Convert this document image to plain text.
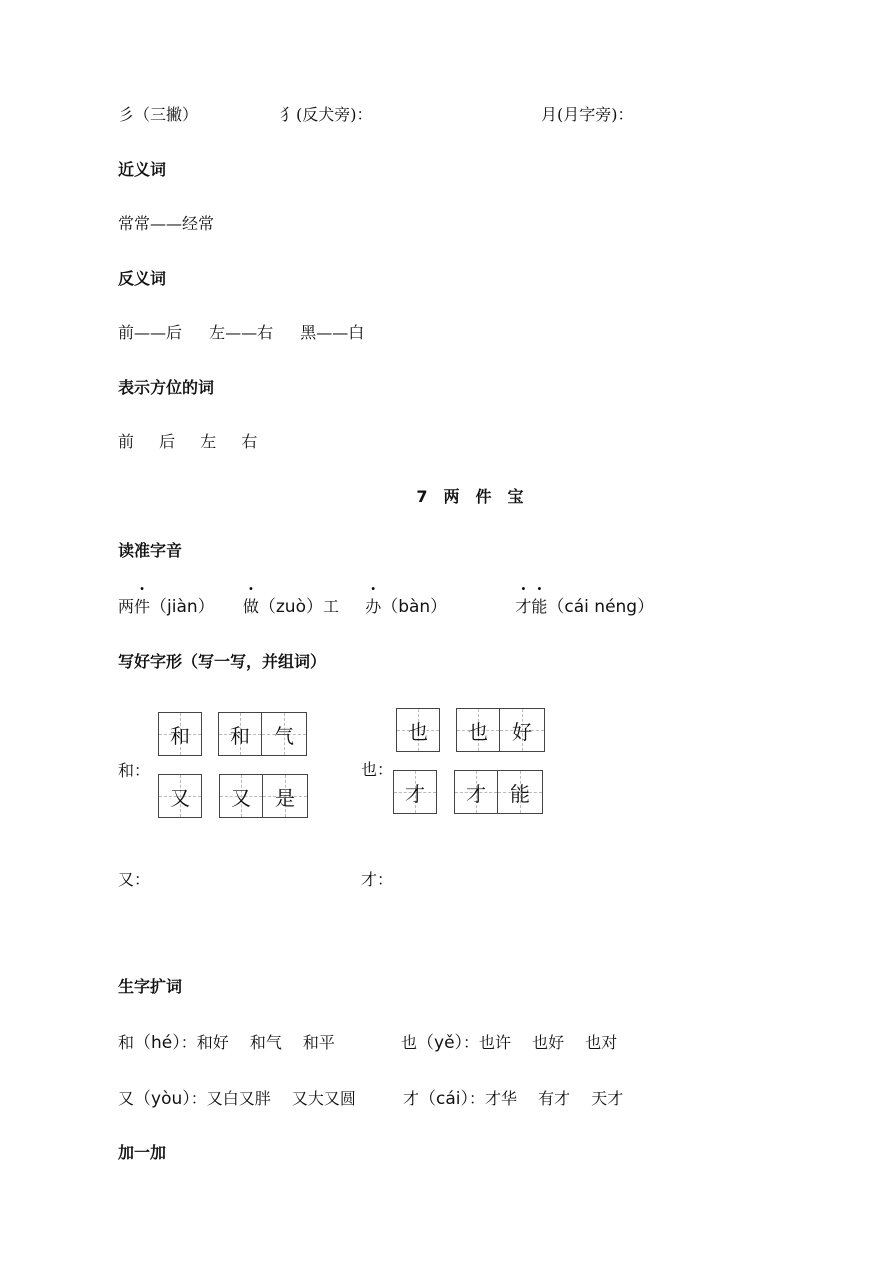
彡（三撇）	犭(反犬旁)：	月(月字旁)：
近义词
常常——经常
反义词
前——后 左——右 黑——白
表示方位的词
前 后 左 右
7　两　件　宝
读准字音
两件（jiàn） 做（zuò）工 办（bàn）	才能（cái néng）
写好字形（写一写，并组词）
和：	也：
和 和 气
又 又 是
也 也 好
才 才 能
又：	才：
生字扩词
和（hé）：和好　 和气　 和平	也（yě）：也许　 也好　 也对
又（yòu）：又白又胖　 又大又圆	才（cái）：才华　 有才　 天才
加一加
